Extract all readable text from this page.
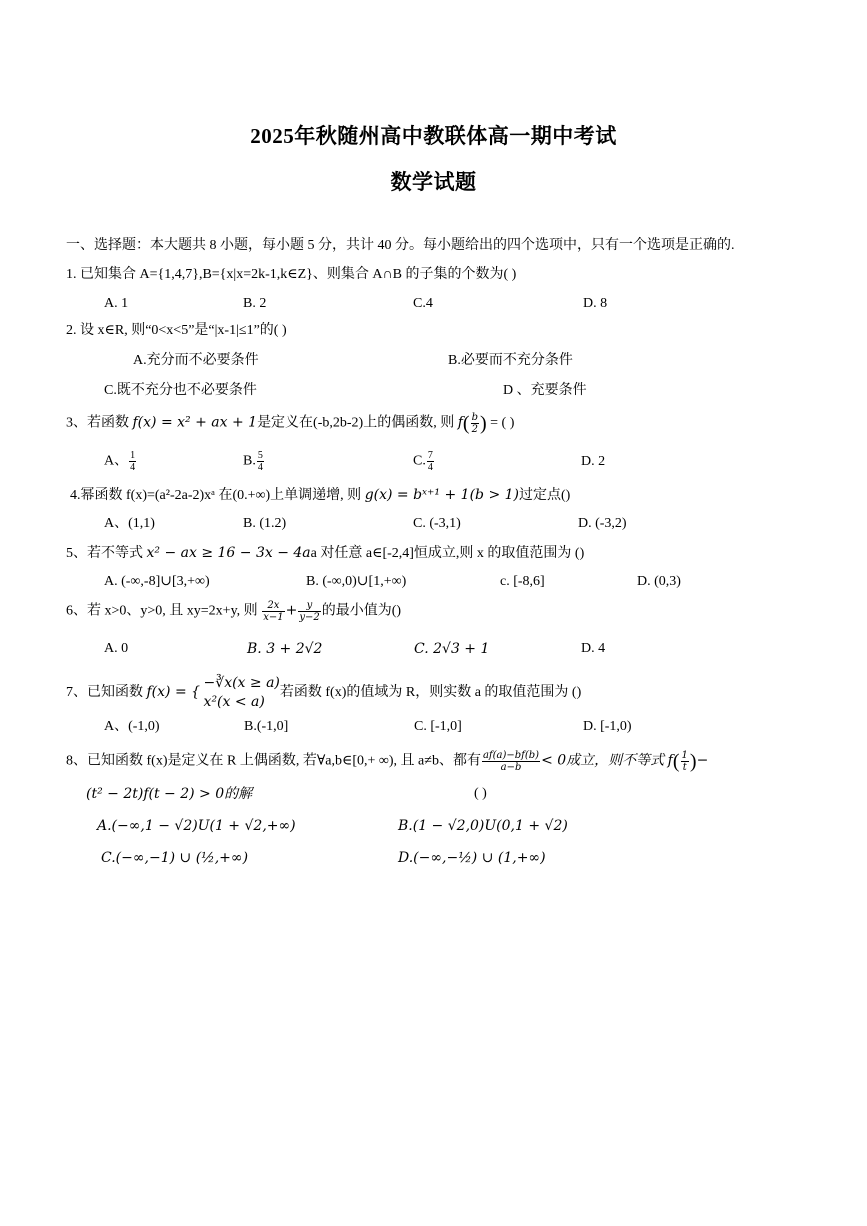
2025年秋随州高中教联体高一期中考试
数学试题
一、选择题：本大题共 8 小题，每小题 5 分，共计 40 分。每小题给出的四个选项中，只有一个选项是正确的.
1. 已知集合 A={1,4,7},B={x|x=2k-1,k∈Z}、则集合 A∩B 的子集的个数为( )
A. 1	B. 2	C.4	D. 8
2. 设 x∈R, 则“0<x<5”是“|x-1|≤1”的( )
A.充分而不必要条件	B.必要而不充分条件
C.既不充分也不必要条件	D 、充要条件
3、若函数 f(x) = x² + ax + 1是定义在(-b,2b-2)上的偶函数, 则 $f( \frac{b}{2}$ ) = ( )
A、 $\frac{1}{4}$	B. $\frac{5}{4}$	C. $\frac{7}{4}$	D. 2
4.幂函数 f(x)=(a²-2a-2)xᵃ 在(0.+∞)上单调递增, 则 g(x) = bˣ⁺¹ + 1(b > 1)过定点()
A、(1,1)	B. (1.2)	C. (-3,1)	D. (-3,2)
5、若不等式 x² − ax ≥ 16 − 3x − 4aa 对任意 a∈[-2,4]恒成立,则 x 的取值范围为 ()
A. (-∞,-8]∪[3,+∞)	B. (-∞,0)∪[1,+∞)	c. [-8,6]	D. (0,3)
6、若 x>0、y>0, 且 xy=2x+y, 则 $\frac{2x}{x-1} + \frac{y}{y-2}$ 的最小值为()
A. 0	B. 3 + 2√2	C. 2√3 + 1	D. 4
7、已知函数 f(x) = {
−∛x(x ≥ a)
x²(x < a)
若函数 f(x)的值域为 R，则实数 a 的取值范围为 ()
A、(-1,0)	B.(-1,0]	C. [-1,0]	D. [-1,0)
8、已知函数 f(x)是定义在 R 上偶函数, 若∀a,b∈[0,+ ∞), 且 a≠b、都有 $\frac{af(a)-bf(b)}{a-b} < 0$成立，则不等式 $f( \frac{1}{t}$ )−
(t² − 2t)f(t − 2) > 0的解	( )
A.(−∞,1 − √2)U(1 + √2,+∞)	B.(1 − √2,0)U(0,1 + √2)
C.(−∞,−1) ∪ (½,+∞)	D.(−∞,−½) ∪ (1,+∞)
